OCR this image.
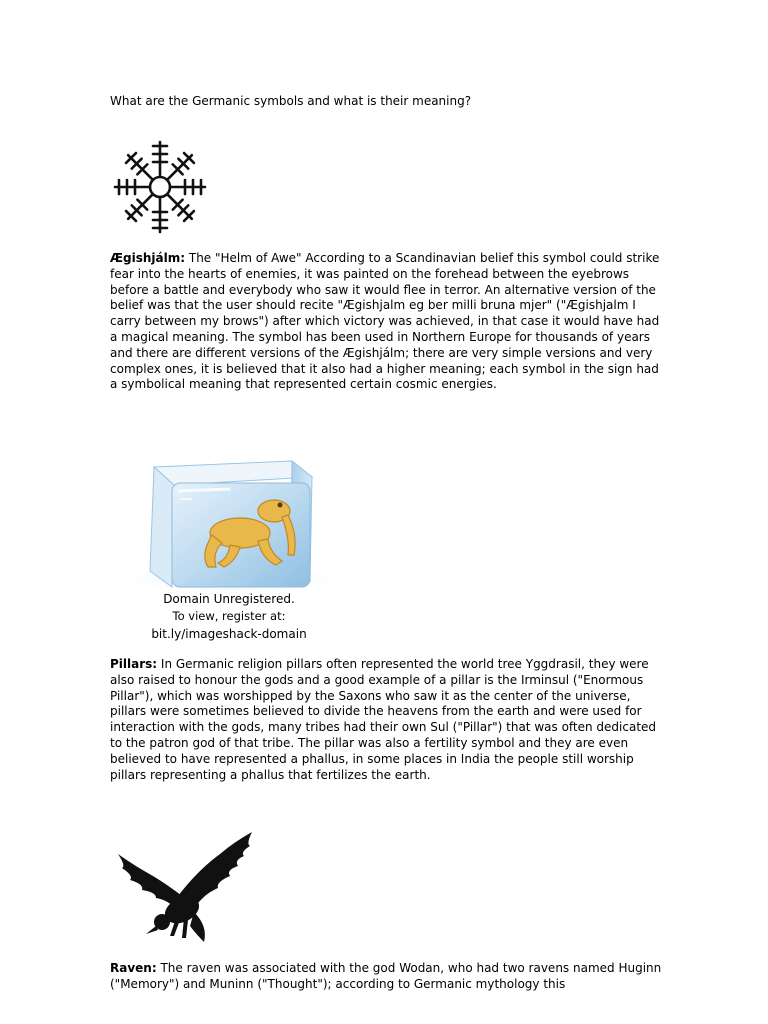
What are the Germanic symbols and what is their meaning?

Ægishjálm: The "Helm of Awe" According to a Scandinavian belief this symbol could strike fear into the hearts of enemies, it was painted on the forehead between the eyebrows before a battle and everybody who saw it would flee in terror. An alternative version of the belief was that the user should recite "Ægishjalm eg ber milli bruna mjer" ("Ægishjalm I carry between my brows") after which victory was achieved, in that case it would have had a magical meaning. The symbol has been used in Northern Europe for thousands of years and there are different versions of the Ægishjálm; there are very simple versions and very complex ones, it is believed that it also had a higher meaning; each symbol in the sign had a symbolical meaning that represented certain cosmic energies.

Domain Unregistered.
To view, register at:
bit.ly/imageshack-domain

Pillars: In Germanic religion pillars often represented the world tree Yggdrasil, they were also raised to honour the gods and a good example of a pillar is the Irminsul ("Enormous Pillar"), which was worshipped by the Saxons who saw it as the center of the universe, pillars were sometimes believed to divide the heavens from the earth and were used for interaction with the gods, many tribes had their own Sul ("Pillar") that was often dedicated to the patron god of that tribe. The pillar was also a fertility symbol and they are even believed to have represented a phallus, in some places in India the people still worship pillars representing a phallus that fertilizes the earth.

Raven: The raven was associated with the god Wodan, who had two ravens named Huginn ("Memory") and Muninn ("Thought"); according to Germanic mythology this
